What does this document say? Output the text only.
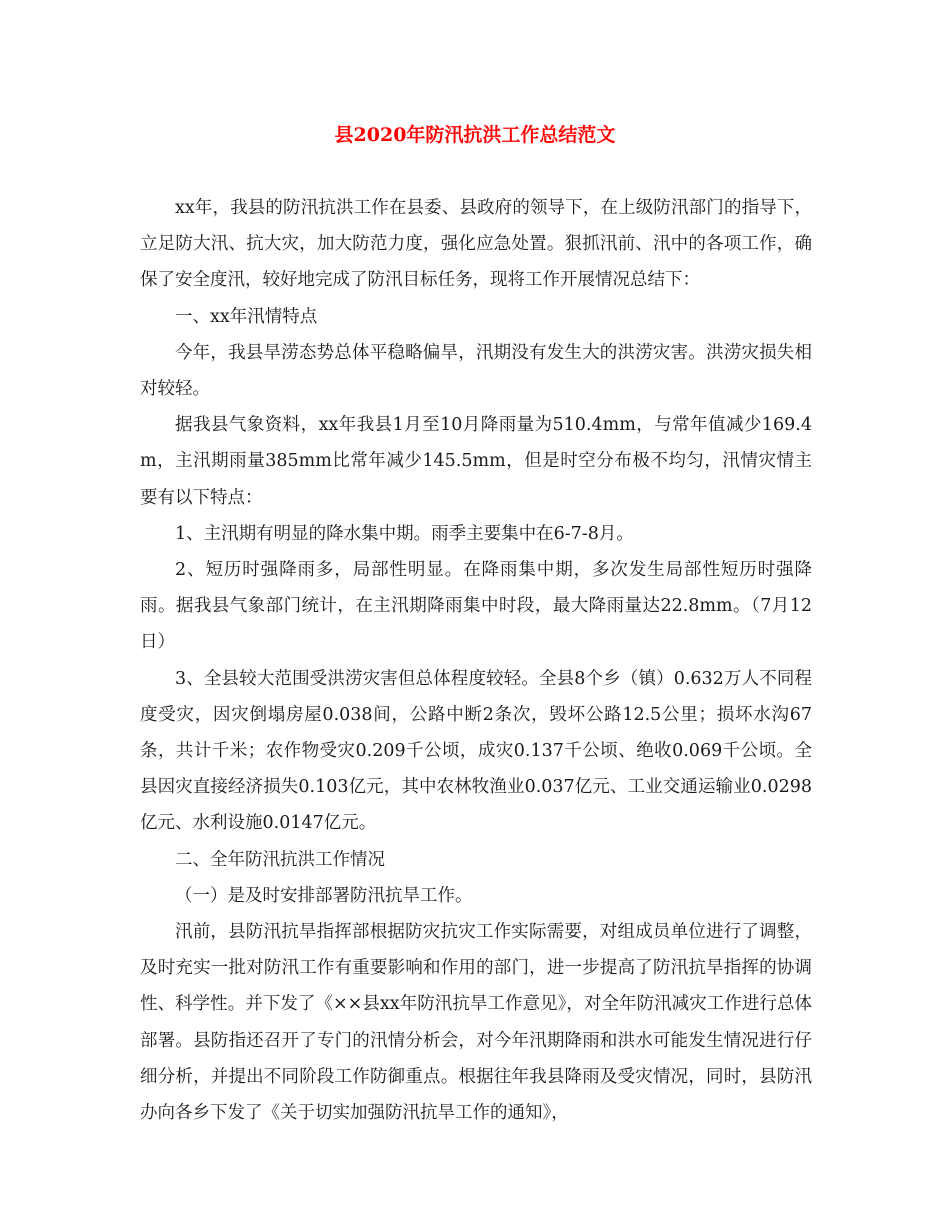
县2020年防汛抗洪工作总结范文

xx年，我县的防汛抗洪工作在县委、县政府的领导下，在上级防汛部门的指导下，立足防大汛、抗大灾，加大防范力度，强化应急处置。狠抓汛前、汛中的各项工作，确保了安全度汛，较好地完成了防汛目标任务，现将工作开展情况总结下：

一、xx年汛情特点

今年，我县旱涝态势总体平稳略偏旱，汛期没有发生大的洪涝灾害。洪涝灾损失相对较轻。

据我县气象资料，xx年我县1月至10月降雨量为510.4mm，与常年值减少169.4m，主汛期雨量385mm比常年减少145.5mm，但是时空分布极不均匀，汛情灾情主要有以下特点：

1、主汛期有明显的降水集中期。雨季主要集中在6-7-8月。

2、短历时强降雨多，局部性明显。在降雨集中期，多次发生局部性短历时强降雨。据我县气象部门统计，在主汛期降雨集中时段，最大降雨量达22.8mm。（7月12日）

3、全县较大范围受洪涝灾害但总体程度较轻。全县8个乡（镇）0.632万人不同程度受灾，因灾倒塌房屋0.038间，公路中断2条次，毁坏公路12.5公里；损坏水沟67条，共计千米；农作物受灾0.209千公顷，成灾0.137千公顷、绝收0.069千公顷。全县因灾直接经济损失0.103亿元，其中农林牧渔业0.037亿元、工业交通运输业0.0298亿元、水利设施0.0147亿元。

二、全年防汛抗洪工作情况

（一）是及时安排部署防汛抗旱工作。

汛前，县防汛抗旱指挥部根据防灾抗灾工作实际需要，对组成员单位进行了调整，及时充实一批对防汛工作有重要影响和作用的部门，进一步提高了防汛抗旱指挥的协调性、科学性。并下发了《××县xx年防汛抗旱工作意见》，对全年防汛减灾工作进行总体部署。县防指还召开了专门的汛情分析会，对今年汛期降雨和洪水可能发生情况进行仔细分析，并提出不同阶段工作防御重点。根据往年我县降雨及受灾情况，同时，县防汛办向各乡下发了《关于切实加强防汛抗旱工作的通知》，
